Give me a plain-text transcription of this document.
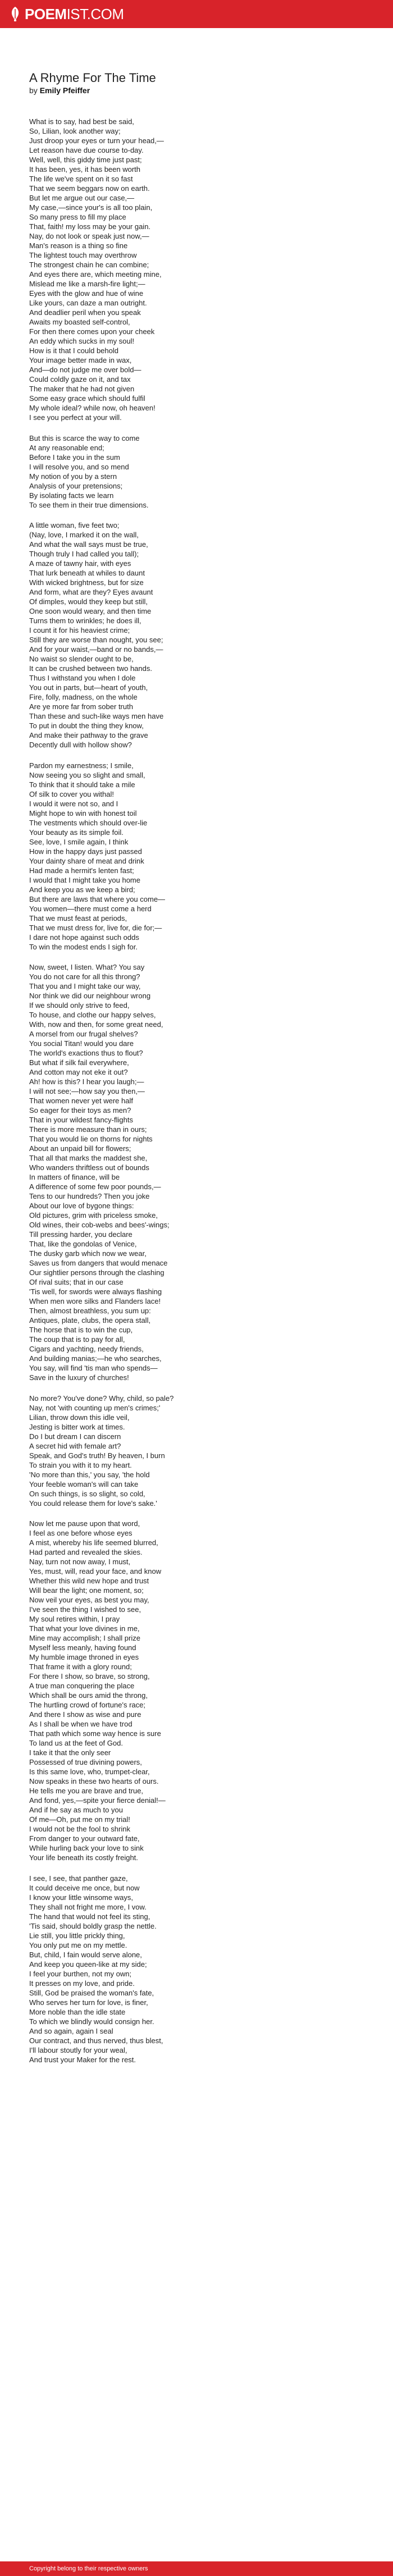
POEMIST.COM
A Rhyme For The Time
by Emily Pfeiffer
What is to say, had best be said,
So, Lilian, look another way;
Just droop your eyes or turn your head,—
Let reason have due course to-day.
Well, well, this giddy time just past;
It has been, yes, it has been worth
The life we've spent on it so fast
That we seem beggars now on earth.
But let me argue out our case,—
My case,—since your's is all too plain,
So many press to fill my place
That, faith! my loss may be your gain.
Nay, do not look or speak just now,—
Man's reason is a thing so fine
The lightest touch may overthrow
The strongest chain he can combine;
And eyes there are, which meeting mine,
Mislead me like a marsh-fire light;—
Eyes with the glow and hue of wine
Like yours, can daze a man outright.
And deadlier peril when you speak
Awaits my boasted self-control,
For then there comes upon your cheek
An eddy which sucks in my soul!
How is it that I could behold
Your image better made in wax,
And—do not judge me over bold—
Could coldly gaze on it, and tax
The maker that he had not given
Some easy grace which should fulfil
My whole ideal? while now, oh heaven!
I see you perfect at your will.
But this is scarce the way to come
At any reasonable end;
Before I take you in the sum
I will resolve you, and so mend
My notion of you by a stern
Analysis of your pretensions;
By isolating facts we learn
To see them in their true dimensions.
A little woman, five feet two;
(Nay, love, I marked it on the wall,
And what the wall says must be true,
Though truly I had called you tall);
A maze of tawny hair, with eyes
That lurk beneath at whiles to daunt
With wicked brightness, but for size
And form, what are they? Eyes avaunt
Of dimples, would they keep but still,
One soon would weary, and then time
Turns them to wrinkles; he does ill,
I count it for his heaviest crime;
Still they are worse than nought, you see;
And for your waist,—band or no bands,—
No waist so slender ought to be,
It can be crushed between two hands.
Thus I withstand you when I dole
You out in parts, but—heart of youth,
Fire, folly, madness, on the whole
Are ye more far from sober truth
Than these and such-like ways men have
To put in doubt the thing they know,
And make their pathway to the grave
Decently dull with hollow show?
Pardon my earnestness; I smile,
Now seeing you so slight and small,
To think that it should take a mile
Of silk to cover you withal!
I would it were not so, and I
Might hope to win with honest toil
The vestments which should over-lie
Your beauty as its simple foil.
See, love, I smile again, I think
How in the happy days just passed
Your dainty share of meat and drink
Had made a hermit's lenten fast;
I would that I might take you home
And keep you as we keep a bird;
But there are laws that where you come—
You women—there must come a herd
That we must feast at periods,
That we must dress for, live for, die for;—
I dare not hope against such odds
To win the modest ends I sigh for.
Now, sweet, I listen. What? You say
You do not care for all this throng?
That you and I might take our way,
Nor think we did our neighbour wrong
If we should only strive to feed,
To house, and clothe our happy selves,
With, now and then, for some great need,
A morsel from our frugal shelves?
You social Titan! would you dare
The world's exactions thus to flout?
But what if silk fail everywhere,
And cotton may not eke it out?
Ah! how is this? I hear you laugh;—
I will not see;—how say you then,—
That women never yet were half
So eager for their toys as men?
That in your wildest fancy-flights
There is more measure than in ours;
That you would lie on thorns for nights
About an unpaid bill for flowers;
That all that marks the maddest she,
Who wanders thriftless out of bounds
In matters of finance, will be
A difference of some few poor pounds,—
Tens to our hundreds? Then you joke
About our love of bygone things:
Old pictures, grim with priceless smoke,
Old wines, their cob-webs and bees'-wings;
Till pressing harder, you declare
That, like the gondolas of Venice,
The dusky garb which now we wear,
Saves us from dangers that would menace
Our sightlier persons through the clashing
Of rival suits; that in our case
'Tis well, for swords were always flashing
When men wore silks and Flanders lace!
Then, almost breathless, you sum up:
Antiques, plate, clubs, the opera stall,
The horse that is to win the cup,
The coup that is to pay for all,
Cigars and yachting, needy friends,
And building manias;—he who searches,
You say, will find 'tis man who spends—
Save in the luxury of churches!
No more? You've done? Why, child, so pale?
Nay, not 'with counting up men's crimes;'
Lilian, throw down this idle veil,
Jesting is bitter work at times.
Do I but dream I can discern
A secret hid with female art?
Speak, and God's truth! By heaven, I burn
To strain you with it to my heart.
'No more than this,' you say, 'the hold
Your feeble woman's will can take
On such things, is so slight, so cold,
You could release them for love's sake.'
Now let me pause upon that word,
I feel as one before whose eyes
A mist, whereby his life seemed blurred,
Had parted and revealed the skies.
Nay, turn not now away, I must,
Yes, must, will, read your face, and know
Whether this wild new hope and trust
Will bear the light; one moment, so;
Now veil your eyes, as best you may,
I've seen the thing I wished to see,
My soul retires within, I pray
That what your love divines in me,
Mine may accomplish; I shall prize
Myself less meanly, having found
My humble image throned in eyes
That frame it with a glory round;
For there I show, so brave, so strong,
A true man conquering the place
Which shall be ours amid the throng,
The hurtling crowd of fortune's race;
And there I show as wise and pure
As I shall be when we have trod
That path which some way hence is sure
To land us at the feet of God.
I take it that the only seer
Possessed of true divining powers,
Is this same love, who, trumpet-clear,
Now speaks in these two hearts of ours.
He tells me you are brave and true,
And fond, yes,—spite your fierce denial!—
And if he say as much to you
Of me—Oh, put me on my trial!
I would not be the fool to shrink
From danger to your outward fate,
While hurling back your love to sink
Your life beneath its costly freight.
I see, I see, that panther gaze,
It could deceive me once, but now
I know your little winsome ways,
They shall not fright me more, I vow.
The hand that would not feel its sting,
'Tis said, should boldly grasp the nettle.
Lie still, you little prickly thing,
You only put me on my mettle.
But, child, I fain would serve alone,
And keep you queen-like at my side;
I feel your burthen, not my own;
It presses on my love, and pride.
Still, God be praised the woman's fate,
Who serves her turn for love, is finer,
More noble than the idle state
To which we blindly would consign her.
And so again, again I seal
Our contract, and thus nerved, thus blest,
I'll labour stoutly for your weal,
And trust your Maker for the rest.
Copyright belong to their respective owners
